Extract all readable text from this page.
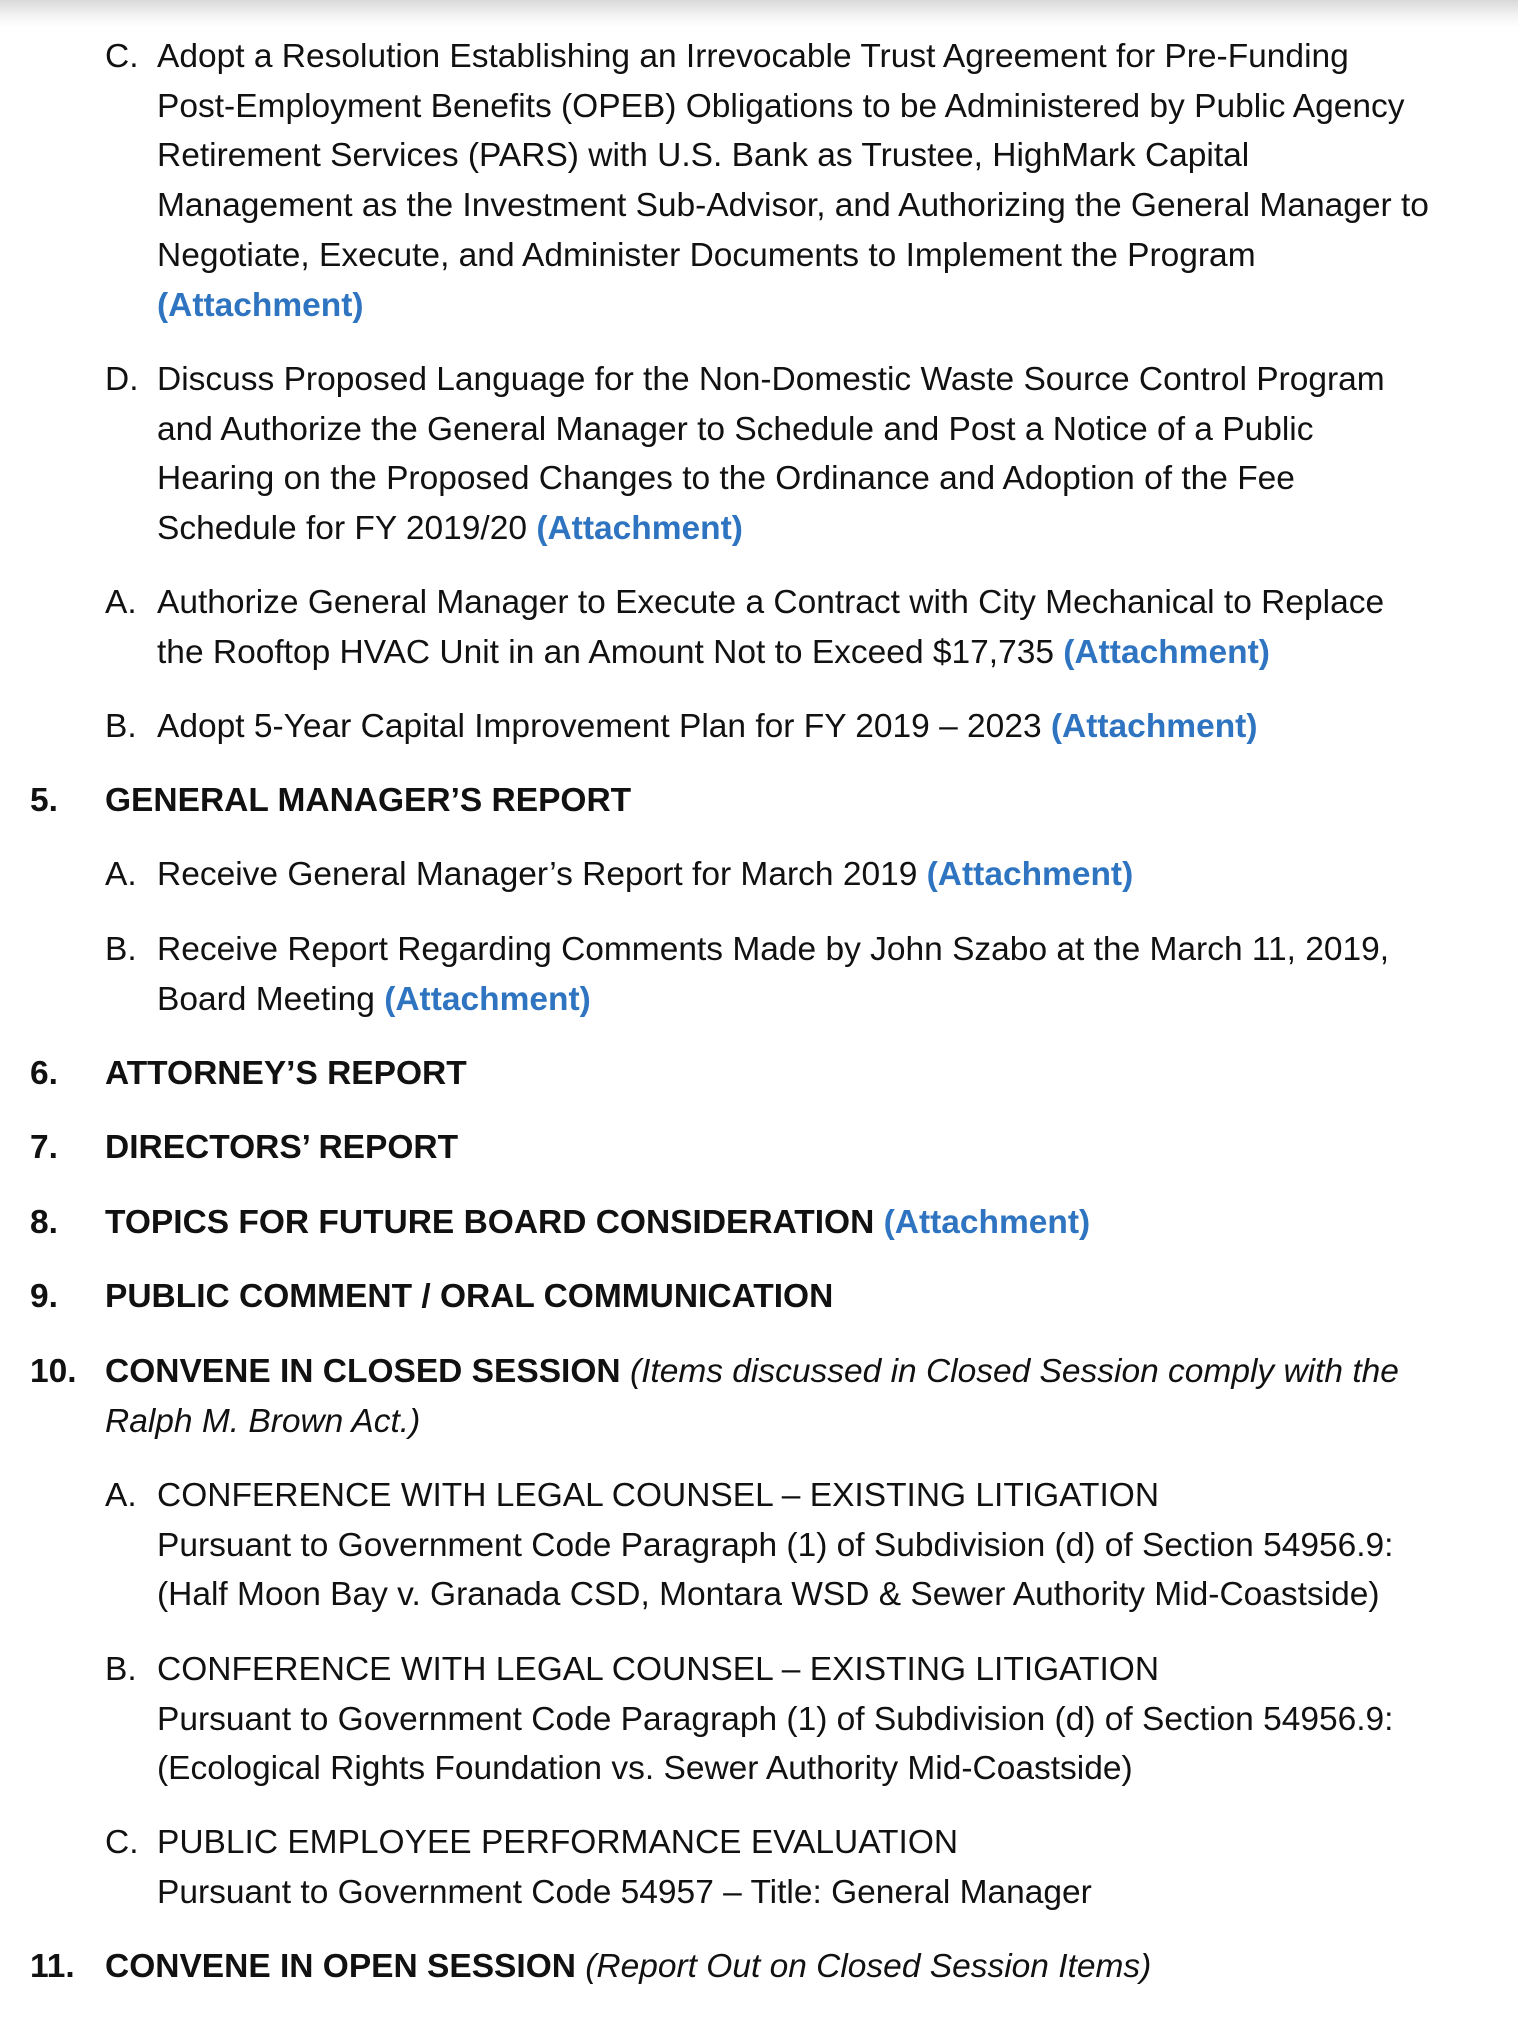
C. Adopt a Resolution Establishing an Irrevocable Trust Agreement for Pre-Funding
Post-Employment Benefits (OPEB) Obligations to be Administered by Public Agency
Retirement Services (PARS) with U.S. Bank as Trustee, HighMark Capital
Management as the Investment Sub-Advisor, and Authorizing the General Manager to
Negotiate, Execute, and Administer Documents to Implement the Program
(Attachment)
D. Discuss Proposed Language for the Non-Domestic Waste Source Control Program
and Authorize the General Manager to Schedule and Post a Notice of a Public
Hearing on the Proposed Changes to the Ordinance and Adoption of the Fee
Schedule for FY 2019/20 (Attachment)
A. Authorize General Manager to Execute a Contract with City Mechanical to Replace
the Rooftop HVAC Unit in an Amount Not to Exceed $17,735 (Attachment)
B. Adopt 5-Year Capital Improvement Plan for FY 2019 – 2023 (Attachment)
5. GENERAL MANAGER’S REPORT
A. Receive General Manager’s Report for March 2019 (Attachment)
B. Receive Report Regarding Comments Made by John Szabo at the March 11, 2019,
Board Meeting (Attachment)
6. ATTORNEY’S REPORT
7. DIRECTORS’ REPORT
8. TOPICS FOR FUTURE BOARD CONSIDERATION (Attachment)
9. PUBLIC COMMENT / ORAL COMMUNICATION
10. CONVENE IN CLOSED SESSION (Items discussed in Closed Session comply with the
Ralph M. Brown Act.)
A. CONFERENCE WITH LEGAL COUNSEL – EXISTING LITIGATION
Pursuant to Government Code Paragraph (1) of Subdivision (d) of Section 54956.9:
(Half Moon Bay v. Granada CSD, Montara WSD & Sewer Authority Mid-Coastside)
B. CONFERENCE WITH LEGAL COUNSEL – EXISTING LITIGATION
Pursuant to Government Code Paragraph (1) of Subdivision (d) of Section 54956.9:
(Ecological Rights Foundation vs. Sewer Authority Mid-Coastside)
C. PUBLIC EMPLOYEE PERFORMANCE EVALUATION
Pursuant to Government Code 54957 – Title: General Manager
11. CONVENE IN OPEN SESSION (Report Out on Closed Session Items)
